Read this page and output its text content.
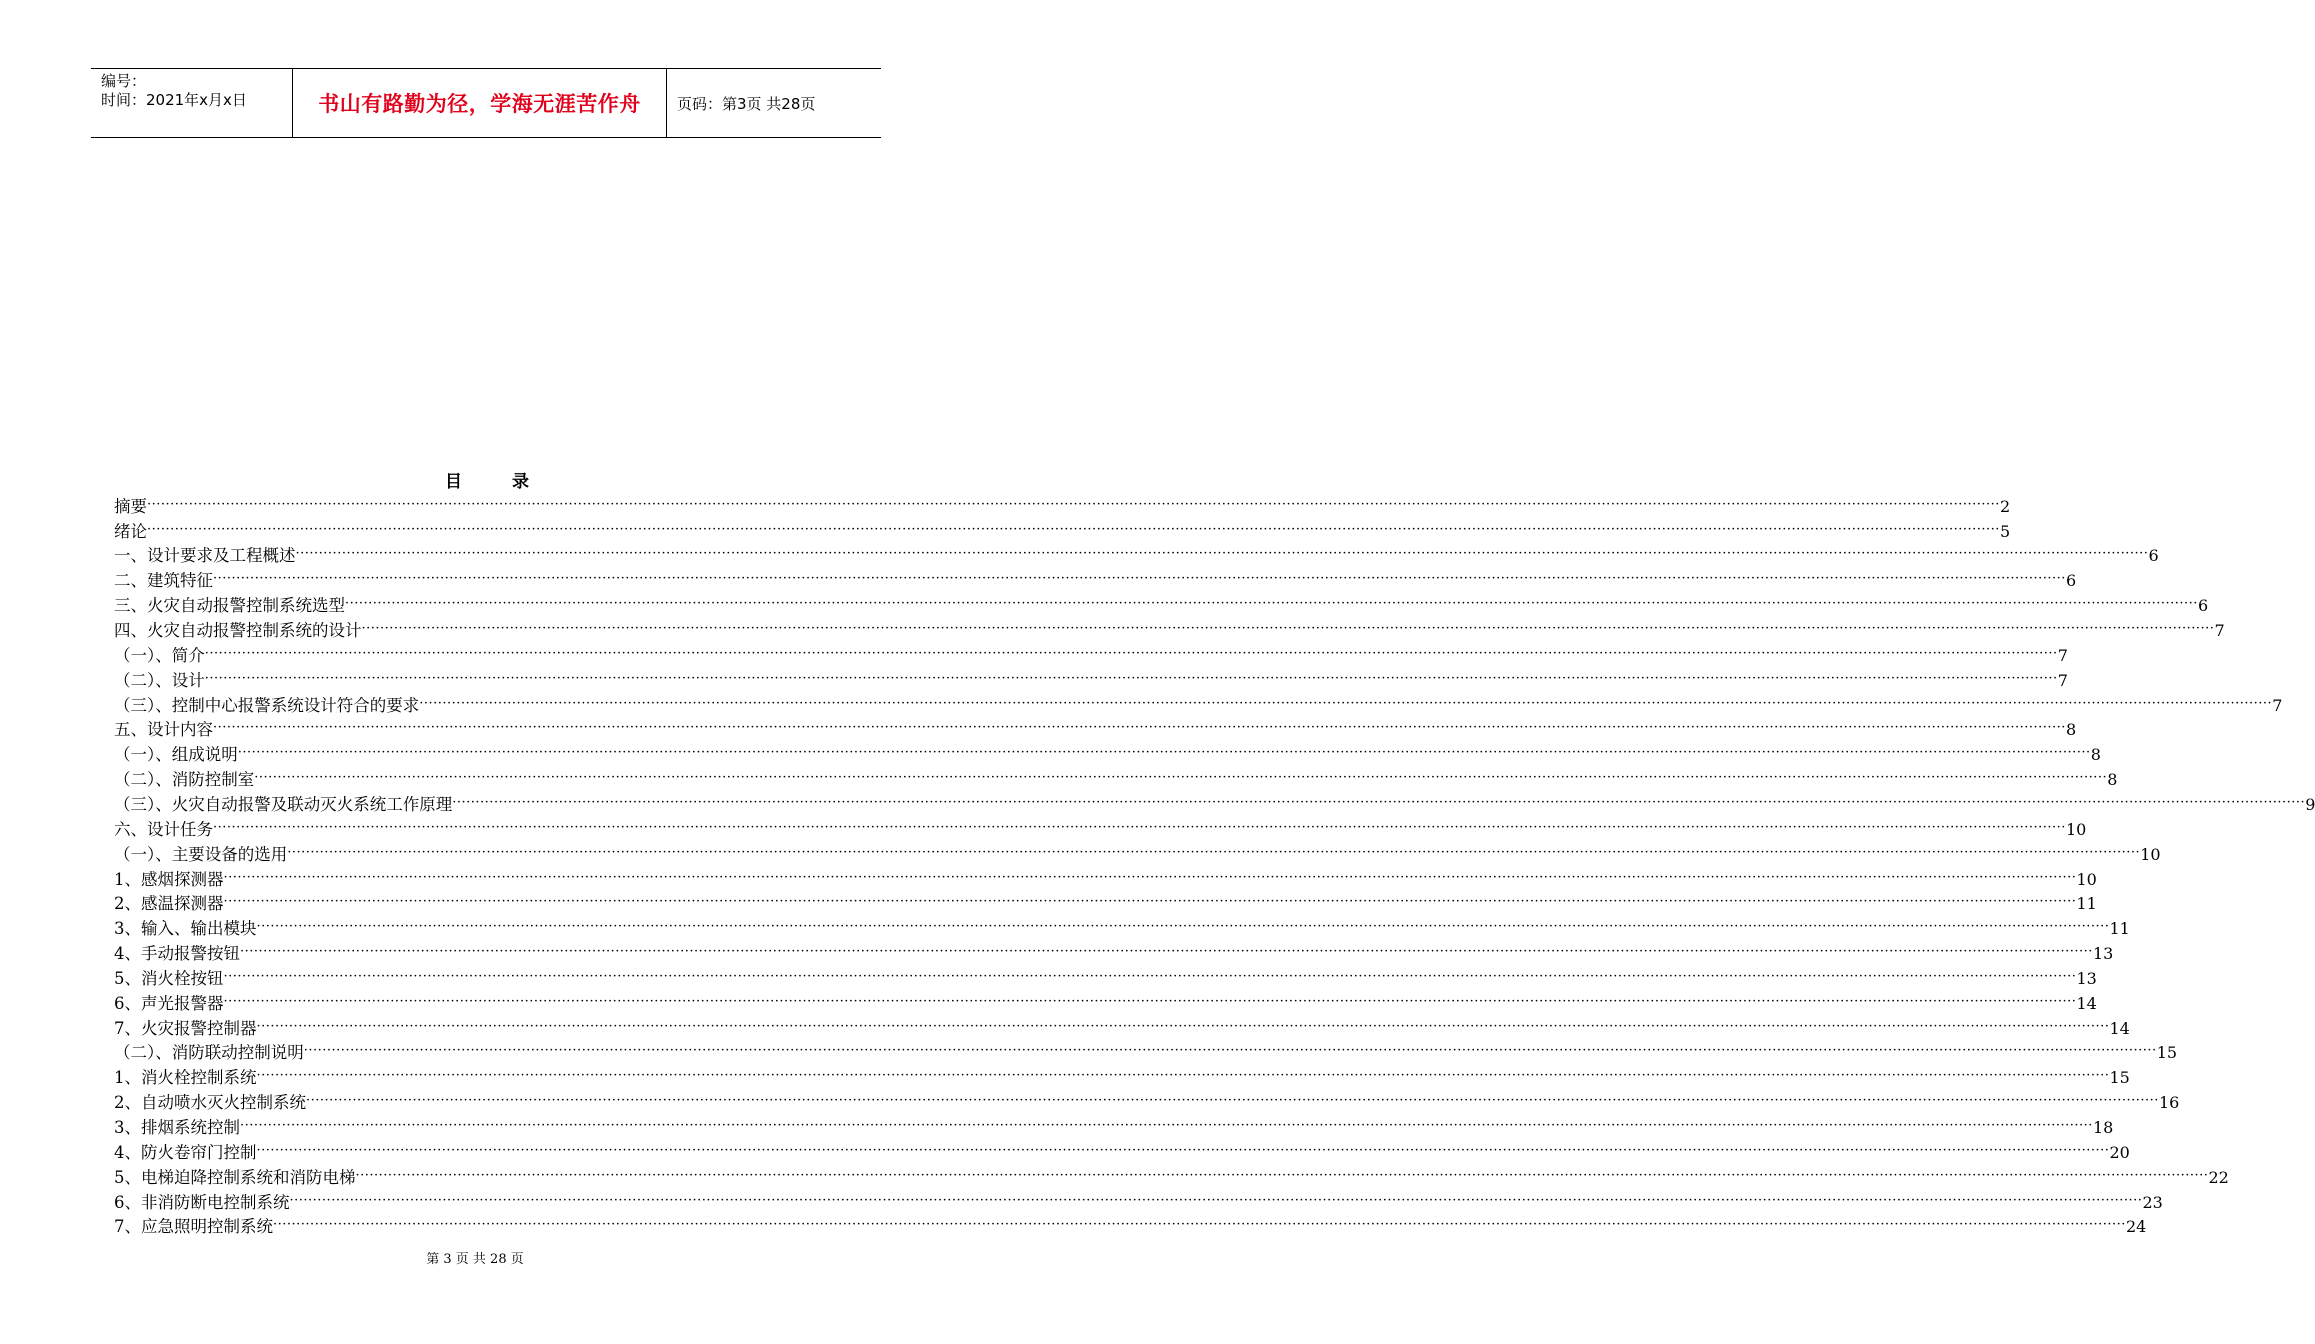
编号：
时间：2021年x月x日	书山有路勤为径，学海无涯苦作舟 页码：第3页 共28页
目	录
摘要 ················································································································································································································································································································································································································ 2
绪论 ················································································································································································································································································································································································································ 5
一、设计要求及工程概述 ················································································································································································································································································································································································································ 6
二、建筑特征 ················································································································································································································································································································································································································ 6
三、火灾自动报警控制系统选型 ················································································································································································································································································································································································································ 6
四、火灾自动报警控制系统的设计 ················································································································································································································································································································································································································ 7
（一）、简介 ················································································································································································································································································································································································································ 7
（二）、设计 ················································································································································································································································································································································································································ 7
（三）、控制中心报警系统设计符合的要求 ················································································································································································································································································································································································································ 7
五、设计内容 ················································································································································································································································································································································································································ 8
（一）、组成说明 ················································································································································································································································································································································································································ 8
（二）、消防控制室 ················································································································································································································································································································································································································ 8
（三）、火灾自动报警及联动灭火系统工作原理 ················································································································································································································································································································································································································ 9
六、设计任务 ················································································································································································································································································································································································································ 10
（一）、主要设备的选用 ················································································································································································································································································································································································································ 10
1、感烟探测器 ················································································································································································································································································································································································································ 10
2、感温探测器 ················································································································································································································································································································································································································ 11
3、输入、输出模块 ················································································································································································································································································································································································································ 11
4、手动报警按钮 ················································································································································································································································································································································································································ 13
5、消火栓按钮 ················································································································································································································································································································································································································ 13
6、声光报警器 ················································································································································································································································································································································································································ 14
7、火灾报警控制器 ················································································································································································································································································································································································································ 14
（二）、消防联动控制说明 ················································································································································································································································································································································································································ 15
1、消火栓控制系统 ················································································································································································································································································································································································································ 15
2、自动喷水灭火控制系统 ················································································································································································································································································································································································································ 16
3、排烟系统控制 ················································································································································································································································································································································································································ 18
4、防火卷帘门控制 ················································································································································································································································································································································································································ 20
5、电梯迫降控制系统和消防电梯 ················································································································································································································································································································································································································ 22
6、非消防断电控制系统 ················································································································································································································································································································································································································ 23
7、应急照明控制系统 ················································································································································································································································································································································································································ 24
第 3 页 共 28 页
